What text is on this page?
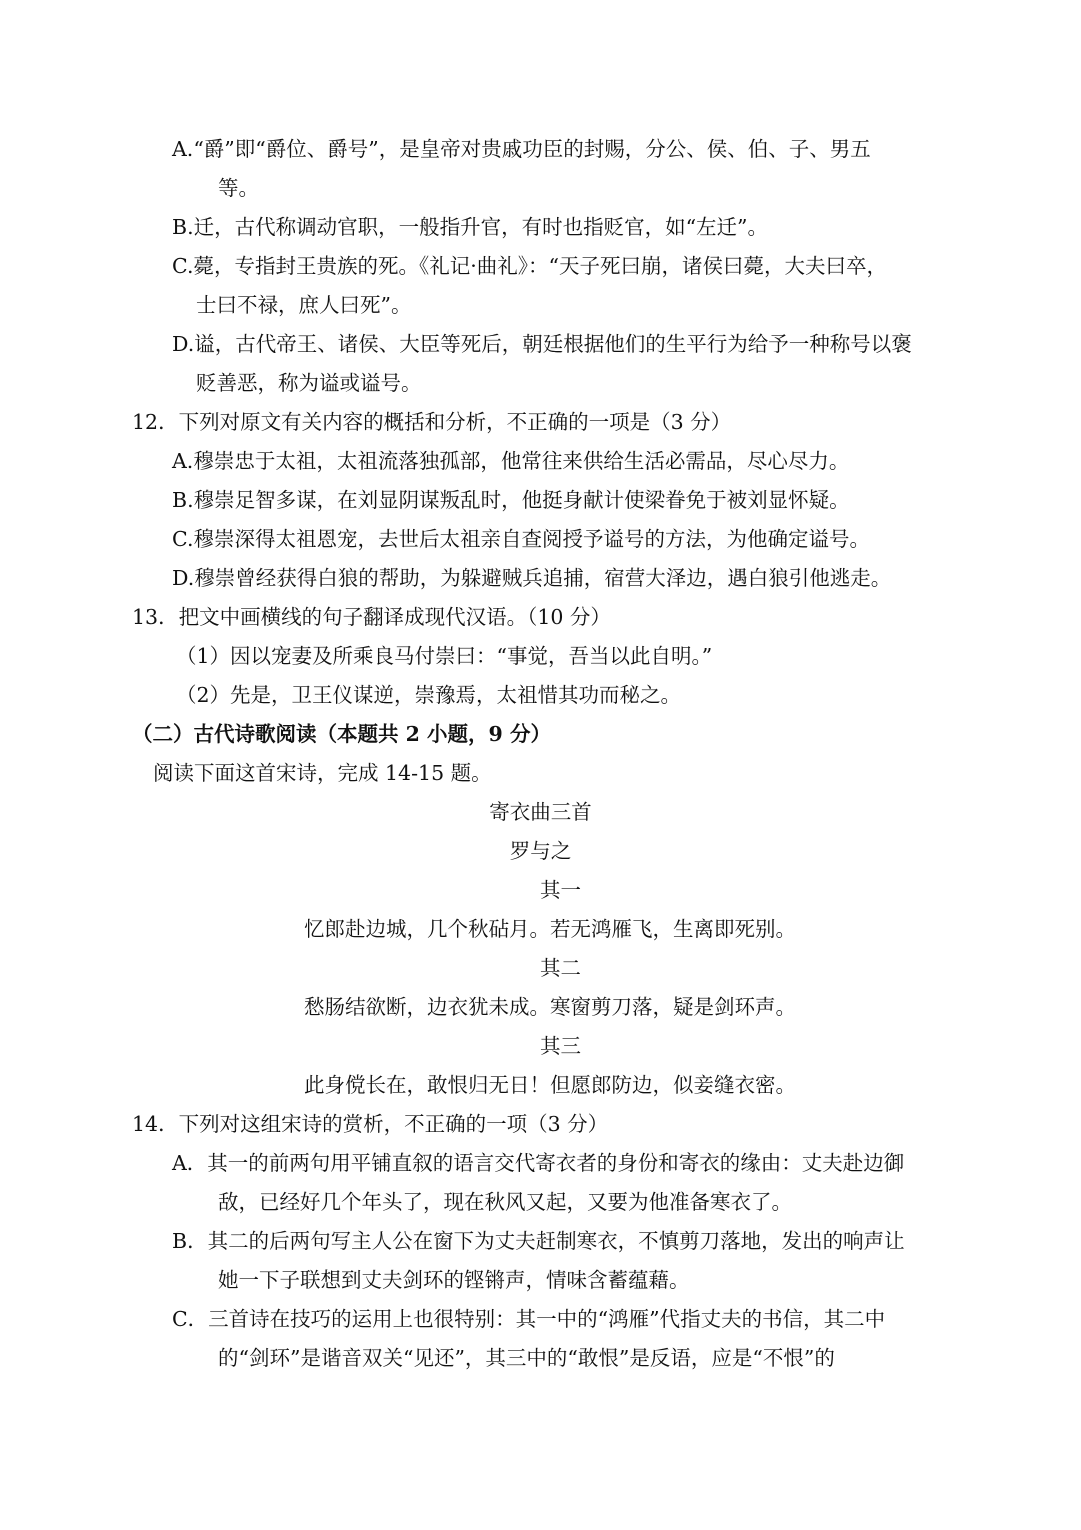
A.“爵”即“爵位、爵号”，是皇帝对贵戚功臣的封赐，分公、侯、伯、子、男五
等。
B.迁，古代称调动官职，一般指升官，有时也指贬官，如“左迁”。
C.薨，专指封王贵族的死。《礼记·曲礼》：“天子死曰崩，诸侯曰薨，大夫曰卒，
士曰不禄，庶人曰死”。
D.谥，古代帝王、诸侯、大臣等死后，朝廷根据他们的生平行为给予一种称号以褒
贬善恶，称为谥或谥号。
12．下列对原文有关内容的概括和分析，不正确的一项是（3 分）
A.穆崇忠于太祖，太祖流落独孤部，他常往来供给生活必需品，尽心尽力。
B.穆崇足智多谋，在刘显阴谋叛乱时，他挺身献计使梁眷免于被刘显怀疑。
C.穆崇深得太祖恩宠，去世后太祖亲自查阅授予谥号的方法，为他确定谥号。
D.穆崇曾经获得白狼的帮助，为躲避贼兵追捕，宿营大泽边，遇白狼引他逃走。
13．把文中画横线的句子翻译成现代汉语。（10 分）
（1）因以宠妻及所乘良马付崇曰：“事觉，吾当以此自明。”
（2）先是，卫王仪谋逆，崇豫焉，太祖惜其功而秘之。
（二）古代诗歌阅读（本题共 2 小题，9 分）
阅读下面这首宋诗，完成 14-15 题。
寄衣曲三首
罗与之
其一
忆郎赴边城，几个秋砧月。若无鸿雁飞，生离即死别。
其二
愁肠结欲断，边衣犹未成。寒窗剪刀落，疑是剑环声。
其三
此身傥长在，敢恨归无日！但愿郎防边，似妾缝衣密。
14．下列对这组宋诗的赏析，不正确的一项（3 分）
A．其一的前两句用平铺直叙的语言交代寄衣者的身份和寄衣的缘由：丈夫赴边御
敌，已经好几个年头了，现在秋风又起，又要为他准备寒衣了。
B．其二的后两句写主人公在窗下为丈夫赶制寒衣，不慎剪刀落地，发出的响声让
她一下子联想到丈夫剑环的铿锵声，情味含蓄蕴藉。
C．三首诗在技巧的运用上也很特别：其一中的“鸿雁”代指丈夫的书信，其二中
的“剑环”是谐音双关“见还”，其三中的“敢恨”是反语，应是“不恨”的
